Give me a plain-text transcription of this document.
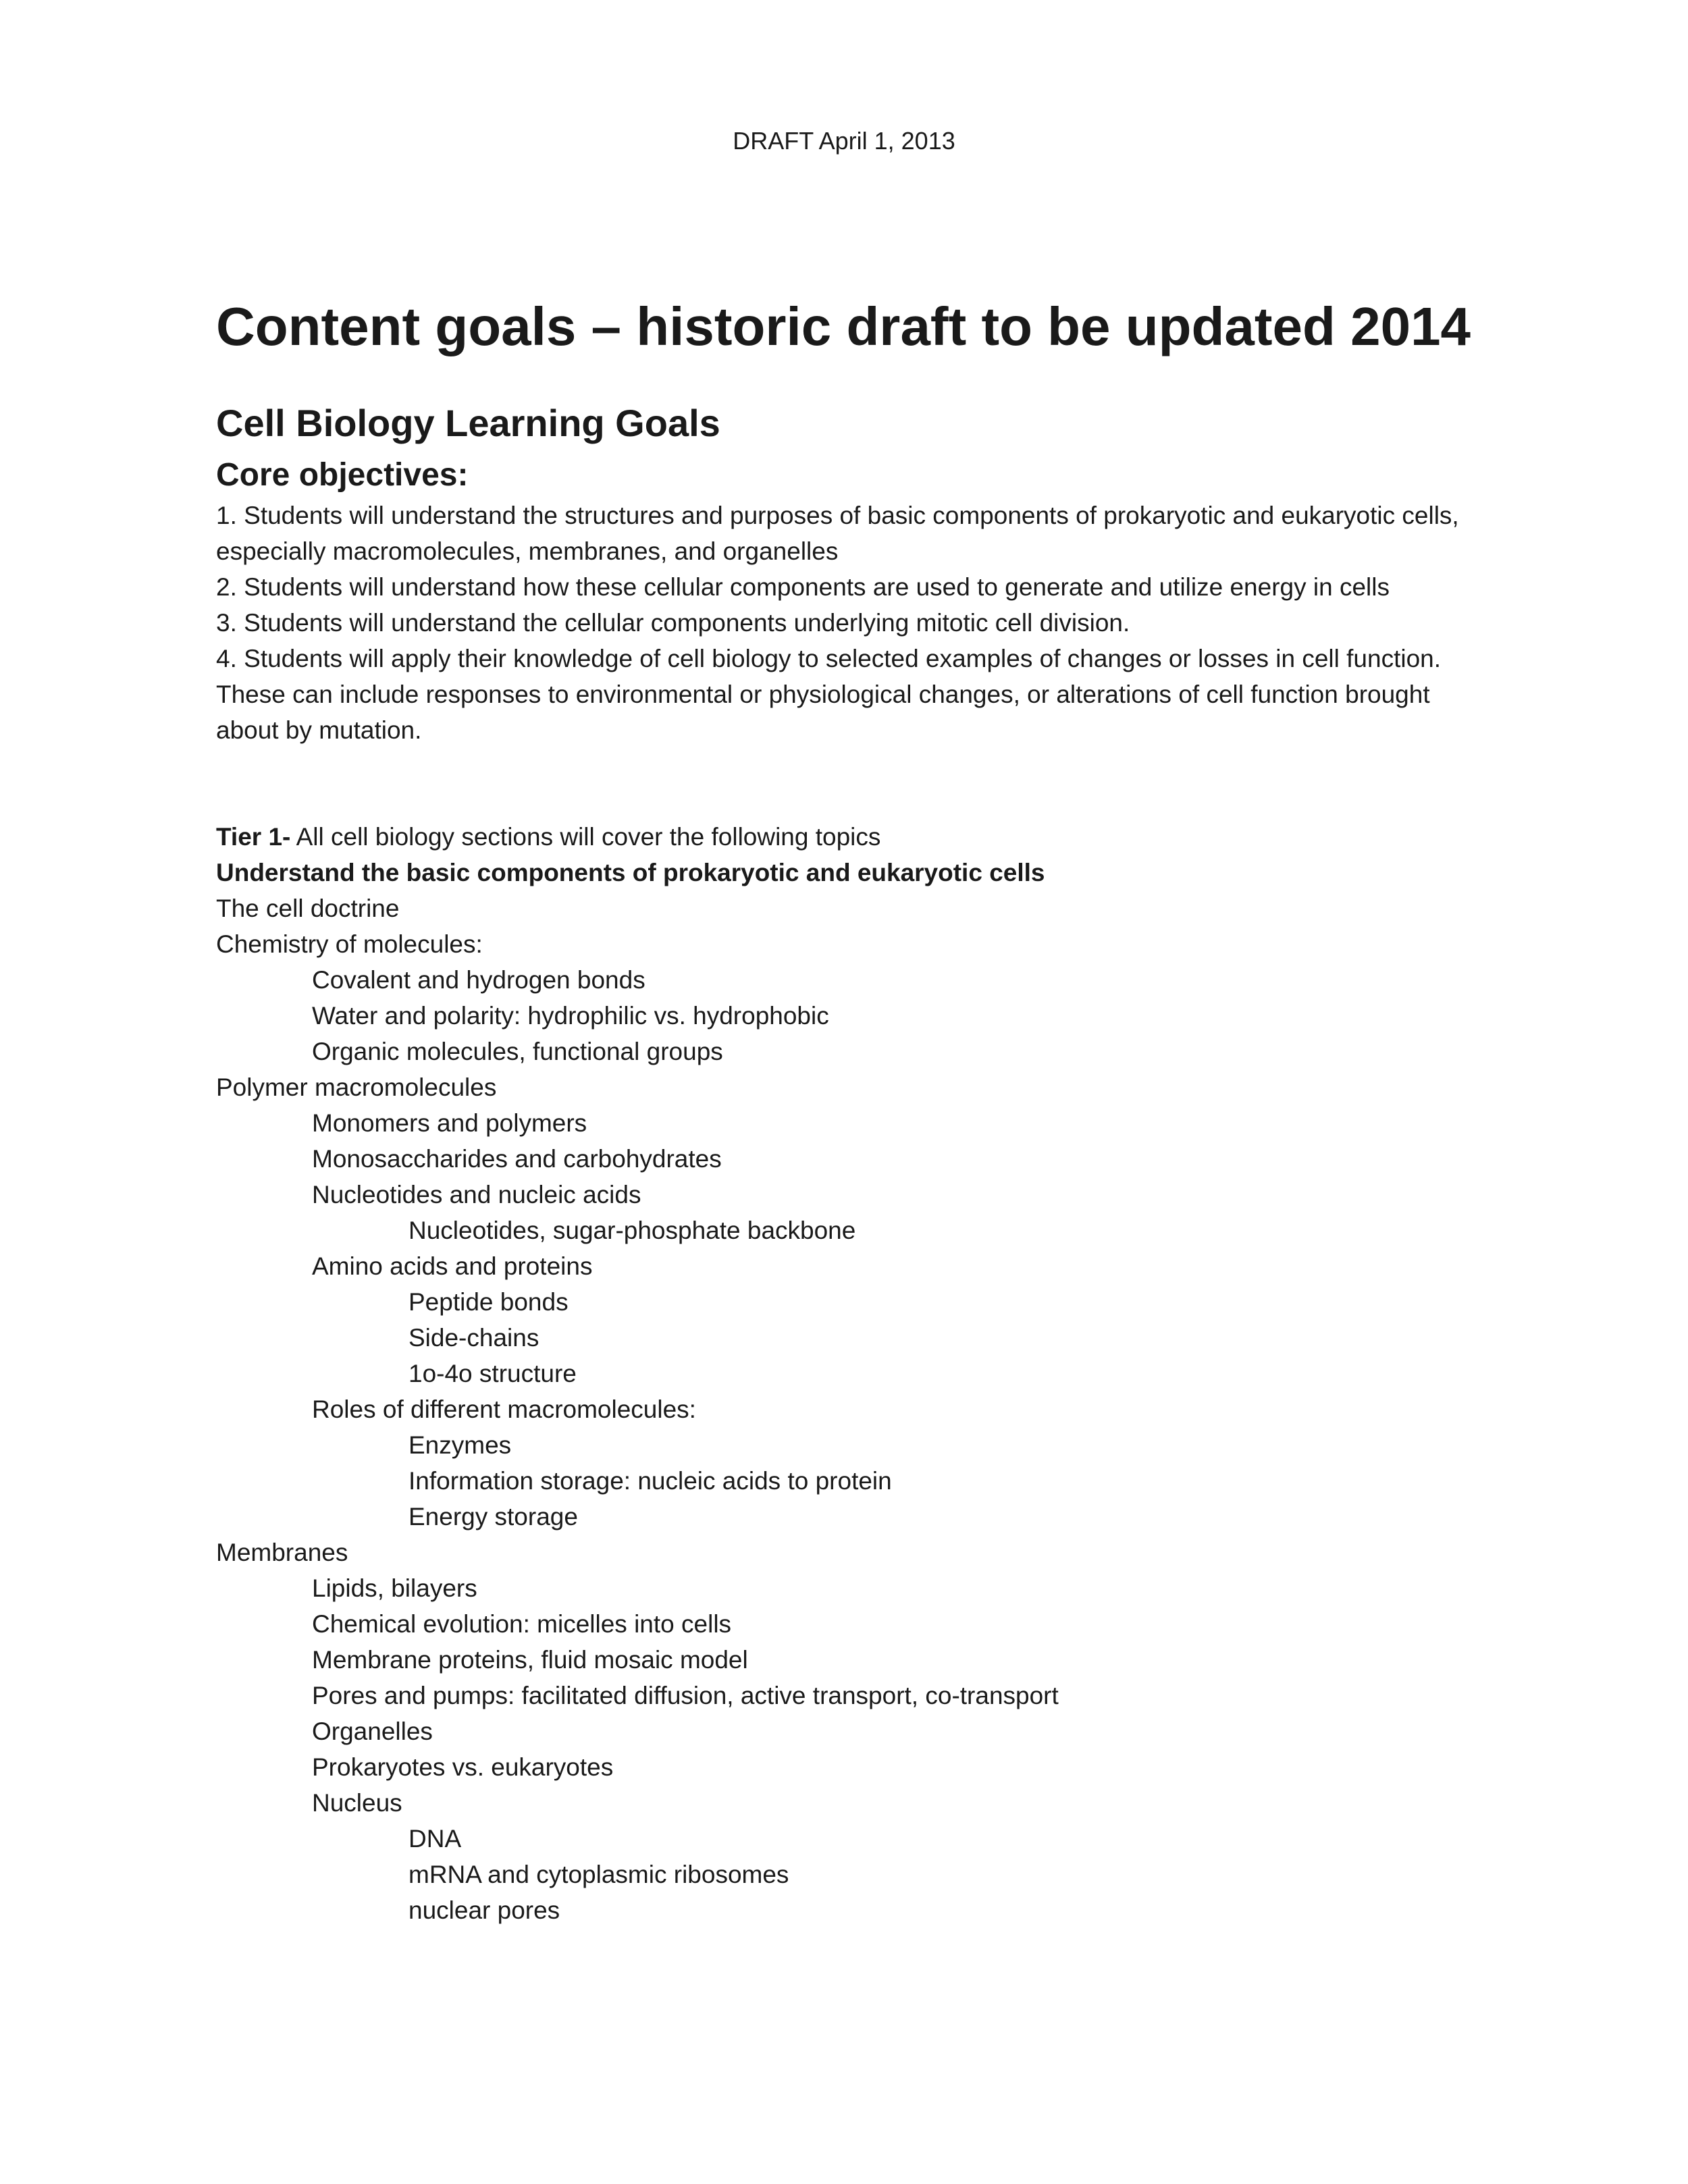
DRAFT April 1, 2013
Content goals – historic draft to be updated 2014
Cell Biology Learning Goals
Core objectives:

1. Students will understand the structures and purposes of basic components of prokaryotic and eukaryotic cells, especially macromolecules, membranes, and organelles

2. Students will understand how these cellular components are used to generate and utilize energy in cells

3. Students will understand the cellular components underlying mitotic cell division.

4. Students will apply their knowledge of cell biology to selected examples of changes or losses in cell function. These can include responses to environmental or physiological changes, or alterations of cell function brought about by mutation.

Tier 1- All cell biology sections will cover the following topics
Understand the basic components of prokaryotic and eukaryotic cells
The cell doctrine
Chemistry of molecules:
Covalent and hydrogen bonds
Water and polarity: hydrophilic vs. hydrophobic
Organic molecules, functional groups
Polymer macromolecules
Monomers and polymers
Monosaccharides and carbohydrates
Nucleotides and nucleic acids
Nucleotides, sugar-phosphate backbone
Amino acids and proteins
Peptide bonds
Side-chains
1o-4o structure
Roles of different macromolecules:
Enzymes
Information storage: nucleic acids to protein
Energy storage
Membranes
Lipids, bilayers
Chemical evolution: micelles into cells
Membrane proteins, fluid mosaic model
Pores and pumps: facilitated diffusion, active transport, co-transport
Organelles
Prokaryotes vs. eukaryotes
Nucleus
DNA
mRNA and cytoplasmic ribosomes
nuclear pores
